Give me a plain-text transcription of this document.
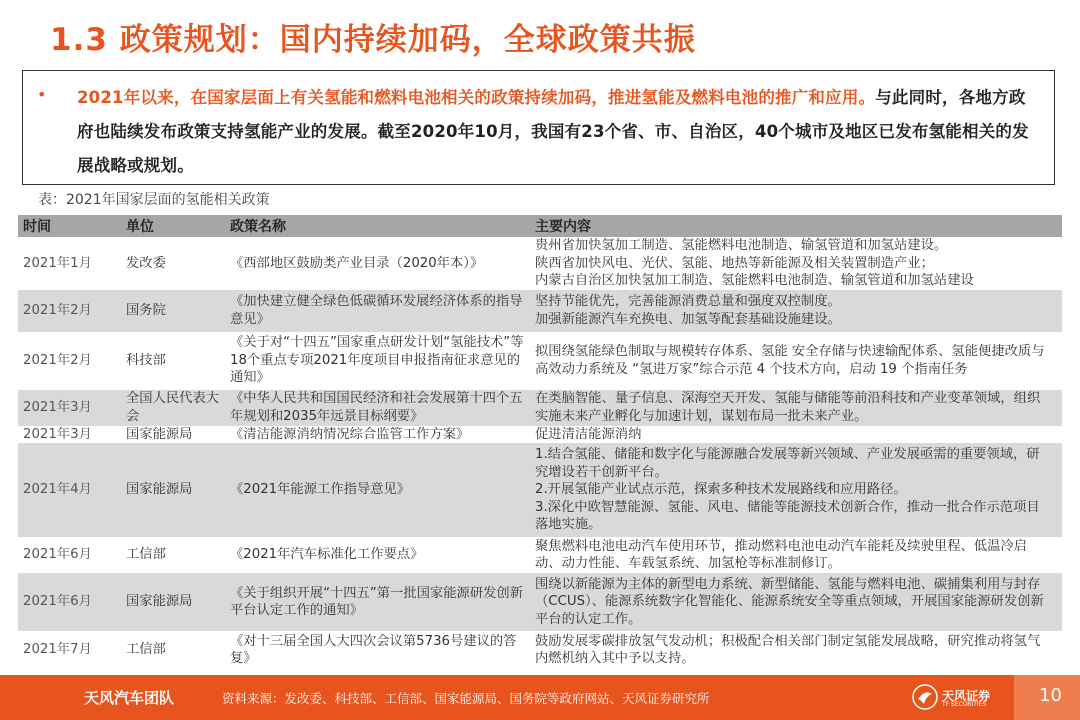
1.3 政策规划：国内持续加码，全球政策共振
•	2021年以来，在国家层面上有关氢能和燃料电池相关的政策持续加码，推进氢能及燃料电池的推广和应用。与此同时，各地方政府也陆续发布政策支持氢能产业的发展。截至2020年10月，我国有23个省、市、自治区，40个城市及地区已发布氢能相关的发展战略或规划。
表：2021年国家层面的氢能相关政策
时间	单位	政策名称	主要内容
2021年1月	发改委	《西部地区鼓励类产业目录（2020年本）》	贵州省加快氢加工制造、氢能燃料电池制造、输氢管道和加氢站建设。
陕西省加快风电、光伏、氢能、地热等新能源及相关装置制造产业；
内蒙古自治区加快氢加工制造、氢能燃料电池制造、输氢管道和加氢站建设
2021年2月	国务院	《加快建立健全绿色低碳循环发展经济体系的指导意见》	坚持节能优先，完善能源消费总量和强度双控制度。
加强新能源汽车充换电、加氢等配套基础设施建设。
2021年2月	科技部	《关于对“十四五”国家重点研发计划“氢能技术”等18个重点专项2021年度项目申报指南征求意见的通知》	拟围绕氢能绿色制取与规模转存体系、氢能 安全存储与快速输配体系、氢能便捷改质与高效动力系统及 “氢进万家”综合示范 4 个技术方向，启动 19 个指南任务
2021年3月	全国人民代表大会	《中华人民共和国国民经济和社会发展第十四个五年规划和2035年远景目标纲要》	在类脑智能、量子信息、深海空天开发、氢能与储能等前沿科技和产业变革领域，组织实施未来产业孵化与加速计划，谋划布局一批未来产业。
2021年3月	国家能源局	《清洁能源消纳情况综合监管工作方案》	促进清洁能源消纳
2021年4月	国家能源局	《2021年能源工作指导意见》	1.结合氢能、储能和数字化与能源融合发展等新兴领域、产业发展亟需的重要领域，研究增设若干创新平台。
2.开展氢能产业试点示范，探索多种技术发展路线和应用路径。
3.深化中欧智慧能源、氢能、风电、储能等能源技术创新合作，推动一批合作示范项目落地实施。
2021年6月	工信部	《2021年汽车标准化工作要点》	聚焦燃料电池电动汽车使用环节，推动燃料电池电动汽车能耗及续驶里程、低温冷启动、动力性能、车载氢系统、加氢枪等标准制修订。
2021年6月	国家能源局	《关于组织开展“十四五”第一批国家能源研发创新平台认定工作的通知》	围绕以新能源为主体的新型电力系统、新型储能、氢能与燃料电池、碳捕集利用与封存（CCUS）、能源系统数字化智能化、能源系统安全等重点领域，开展国家能源研发创新平台的认定工作。
2021年7月	工信部	《对十三届全国人大四次会议第5736号建议的答复》	鼓励发展零碳排放氢气发动机；积极配合相关部门制定氢能发展战略，研究推动将氢气内燃机纳入其中予以支持。
天风汽车团队	资料来源：发改委、科技部、工信部、国家能源局、国务院等政府网站、天风证券研究所	天风证券
TF SECURITIES	10
